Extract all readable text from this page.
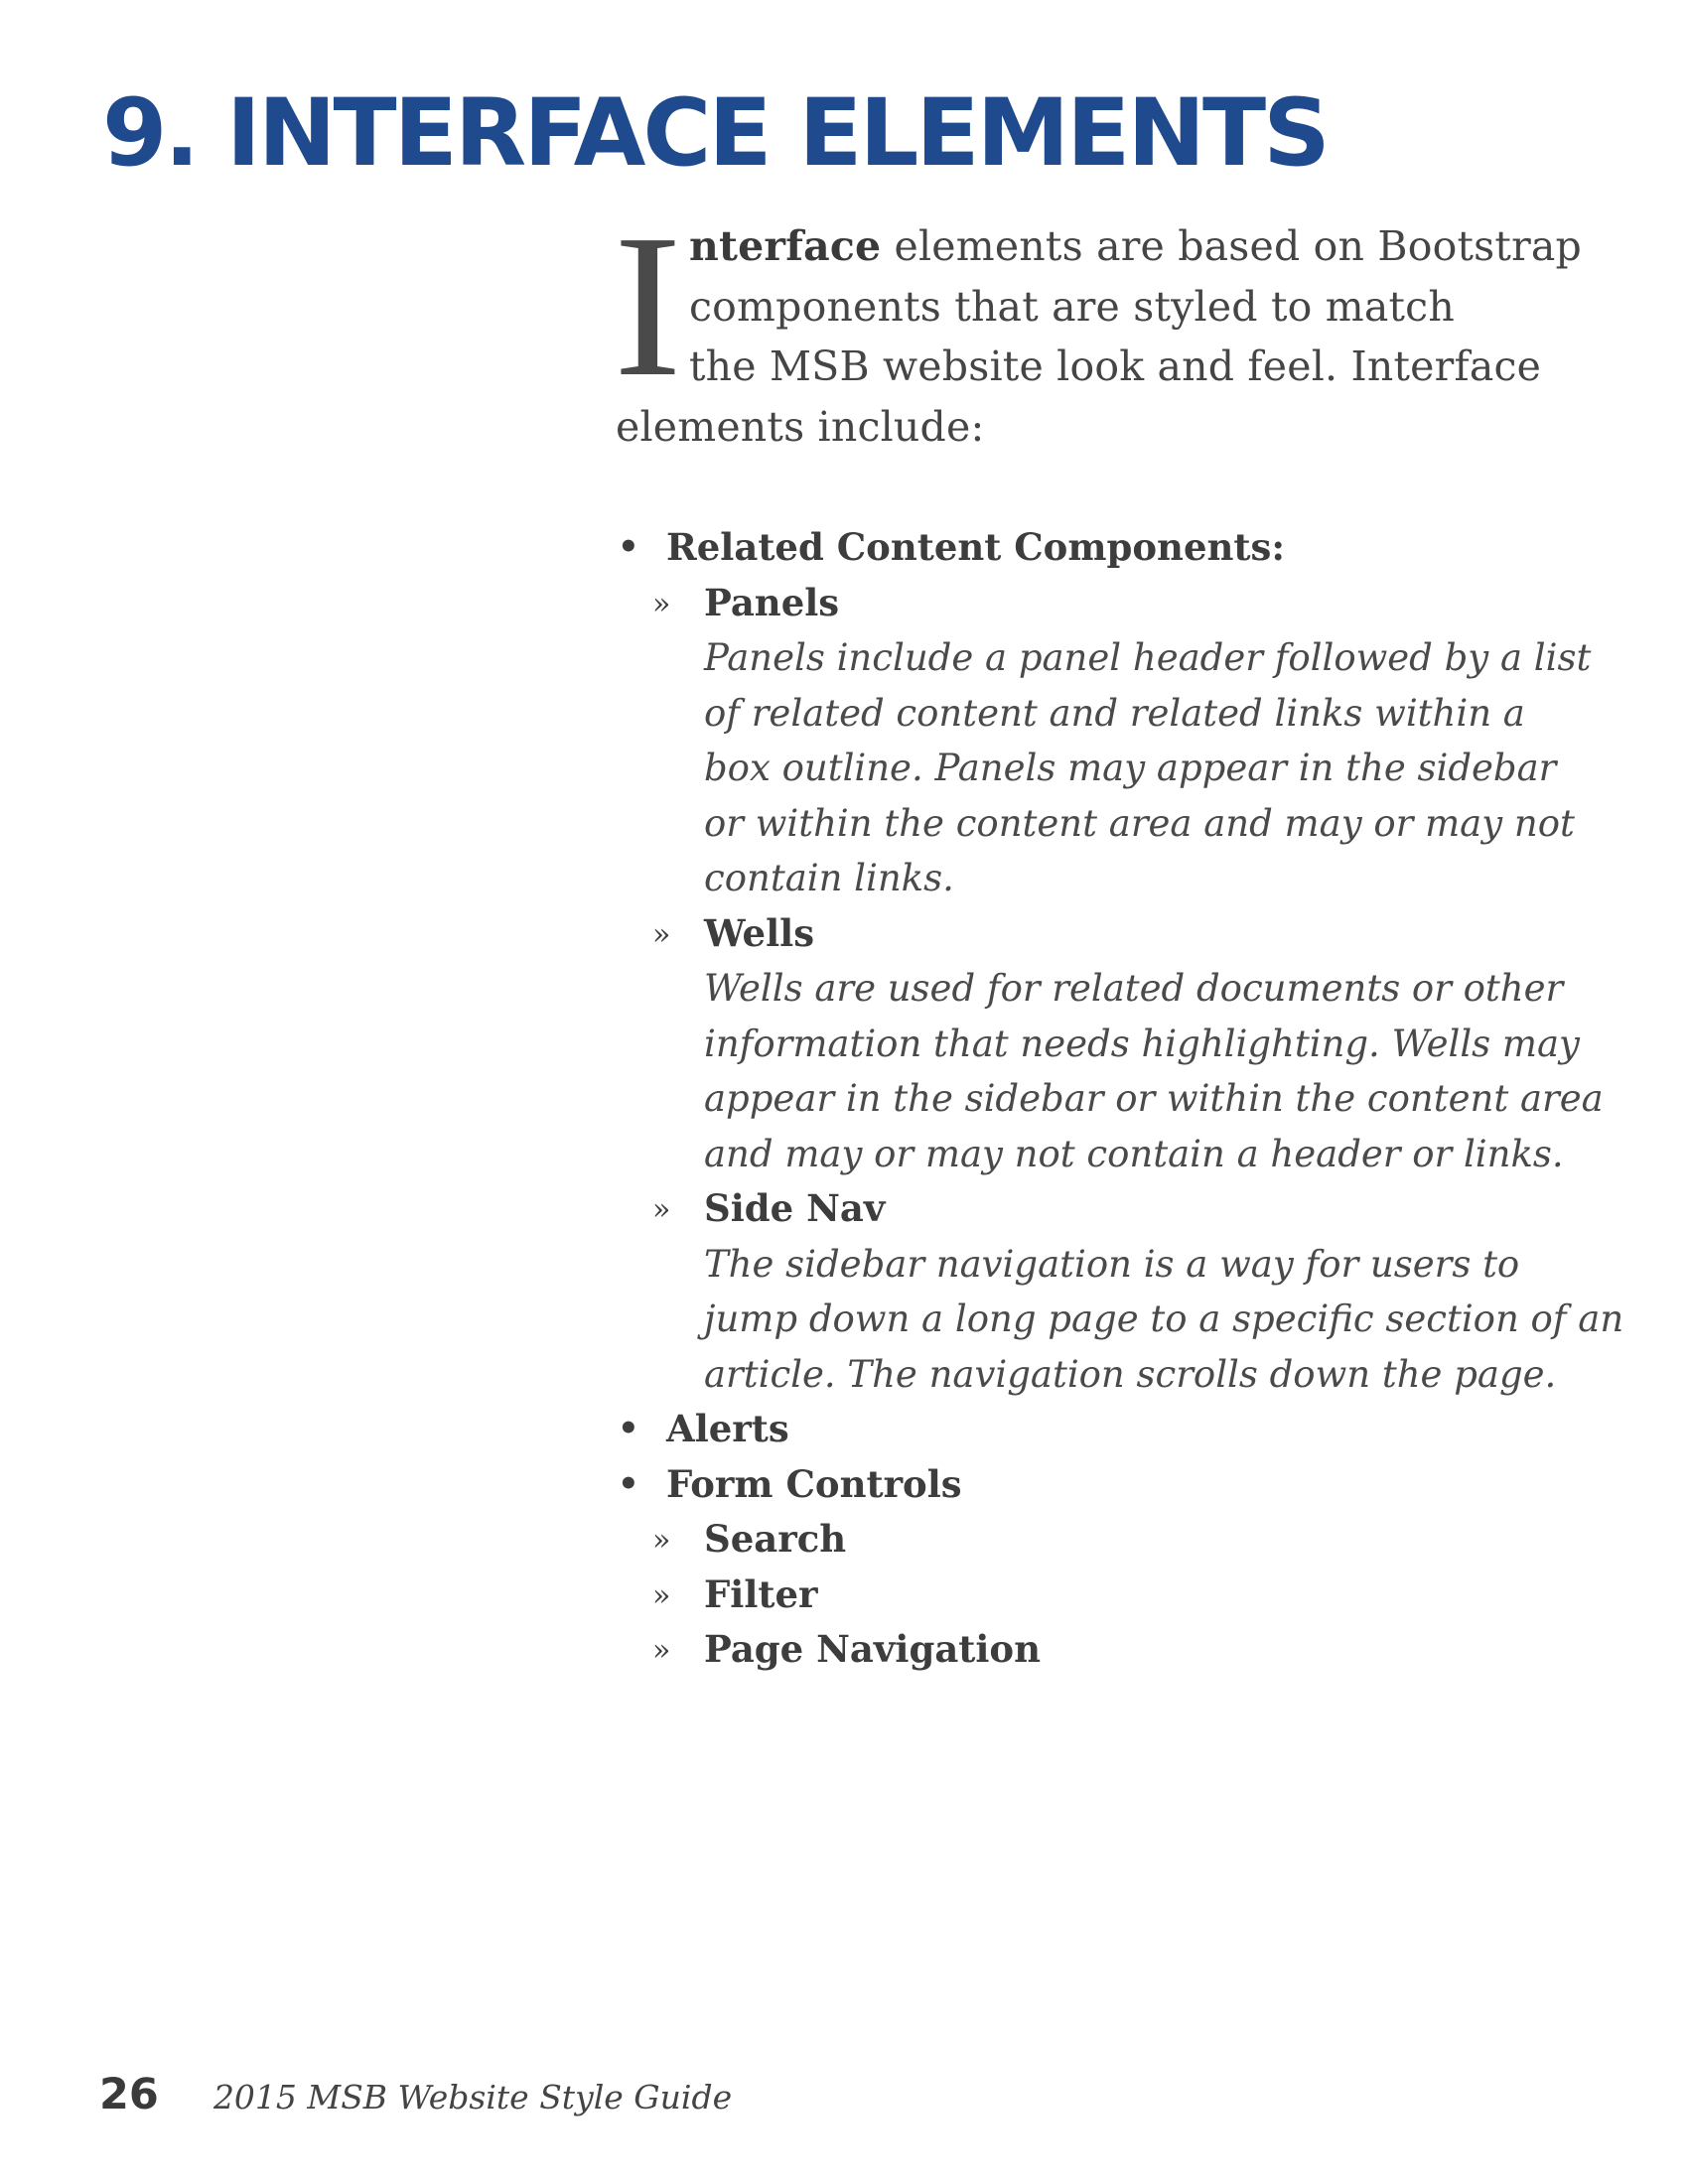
9. INTERFACE ELEMENTS

I nterface elements are based on Bootstrap
components that are styled to match
the MSB website look and feel. Interface
elements include:

• Related Content Components:
» Panels
Panels include a panel header followed by a list
of related content and related links within a
box outline. Panels may appear in the sidebar
or within the content area and may or may not
contain links.
» Wells
Wells are used for related documents or other
information that needs highlighting. Wells may
appear in the sidebar or within the content area
and may or may not contain a header or links.
» Side Nav
The sidebar navigation is a way for users to
jump down a long page to a specific section of an
article. The navigation scrolls down the page.
• Alerts
• Form Controls
» Search
» Filter
» Page Navigation
26 2015 MSB Website Style Guide
